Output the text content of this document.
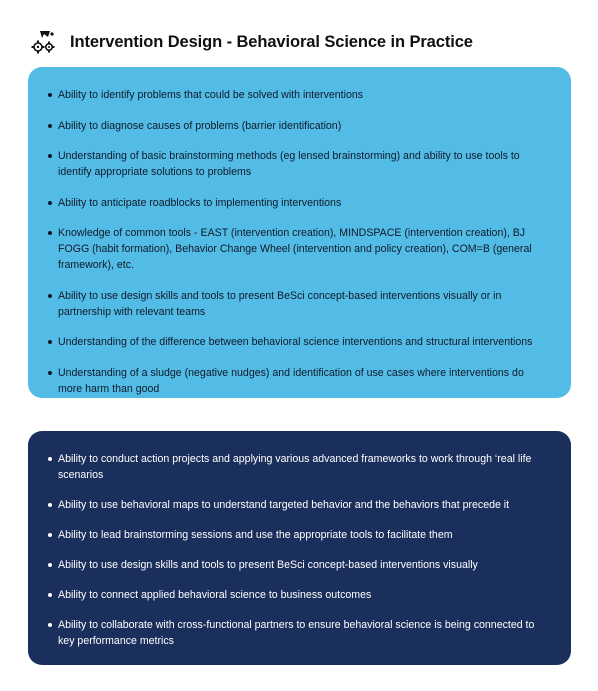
Intervention Design - Behavioral Science in Practice
Ability to identify problems that could be solved with interventions
Ability to diagnose causes of problems (barrier identification)
Understanding of basic brainstorming methods (eg lensed brainstorming) and ability to use tools to identify appropriate solutions to problems
Ability to anticipate roadblocks to implementing interventions
Knowledge of common tools - EAST (intervention creation), MINDSPACE (intervention creation), BJ FOGG (habit formation), Behavior Change Wheel (intervention and policy creation), COM=B (general framework), etc.
Ability to use design skills and tools to present BeSci concept-based interventions visually or in partnership with relevant teams
Understanding of the difference between behavioral science interventions and structural interventions
Understanding of a sludge (negative nudges) and identification of use cases where interventions do more harm than good
Ability to conduct action projects and applying various advanced frameworks to work through ‘real life scenarios
Ability to use behavioral maps to understand targeted behavior and the behaviors that precede it
Ability to lead brainstorming sessions and use the appropriate tools to facilitate them
Ability to use design skills and tools to present BeSci concept-based interventions visually
Ability to connect applied behavioral science to business outcomes
Ability to collaborate with cross-functional partners to ensure behavioral science is being connected to key performance metrics
